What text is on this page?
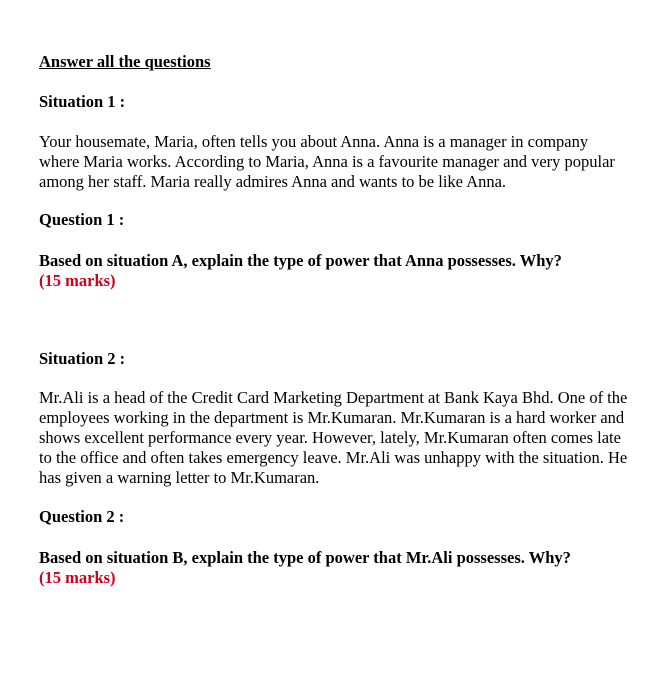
Answer all the questions
Situation 1 :
Your housemate, Maria, often tells you about Anna. Anna is a manager in company where Maria works. According to Maria, Anna is a favourite manager and very popular among her staff. Maria really admires Anna and wants to be like Anna.
Question 1 :
Based on situation A, explain the type of power that Anna possesses. Why?
(15 marks)
Situation 2 :
Mr.Ali is a head of the Credit Card Marketing Department at Bank Kaya Bhd. One of the employees working in the department is Mr.Kumaran. Mr.Kumaran is a hard worker and shows excellent performance every year. However, lately, Mr.Kumaran often comes late to the office and often takes emergency leave. Mr.Ali was unhappy with the situation. He has given a warning letter to Mr.Kumaran.
Question 2 :
Based on situation B, explain the type of power that Mr.Ali possesses. Why?
(15 marks)
